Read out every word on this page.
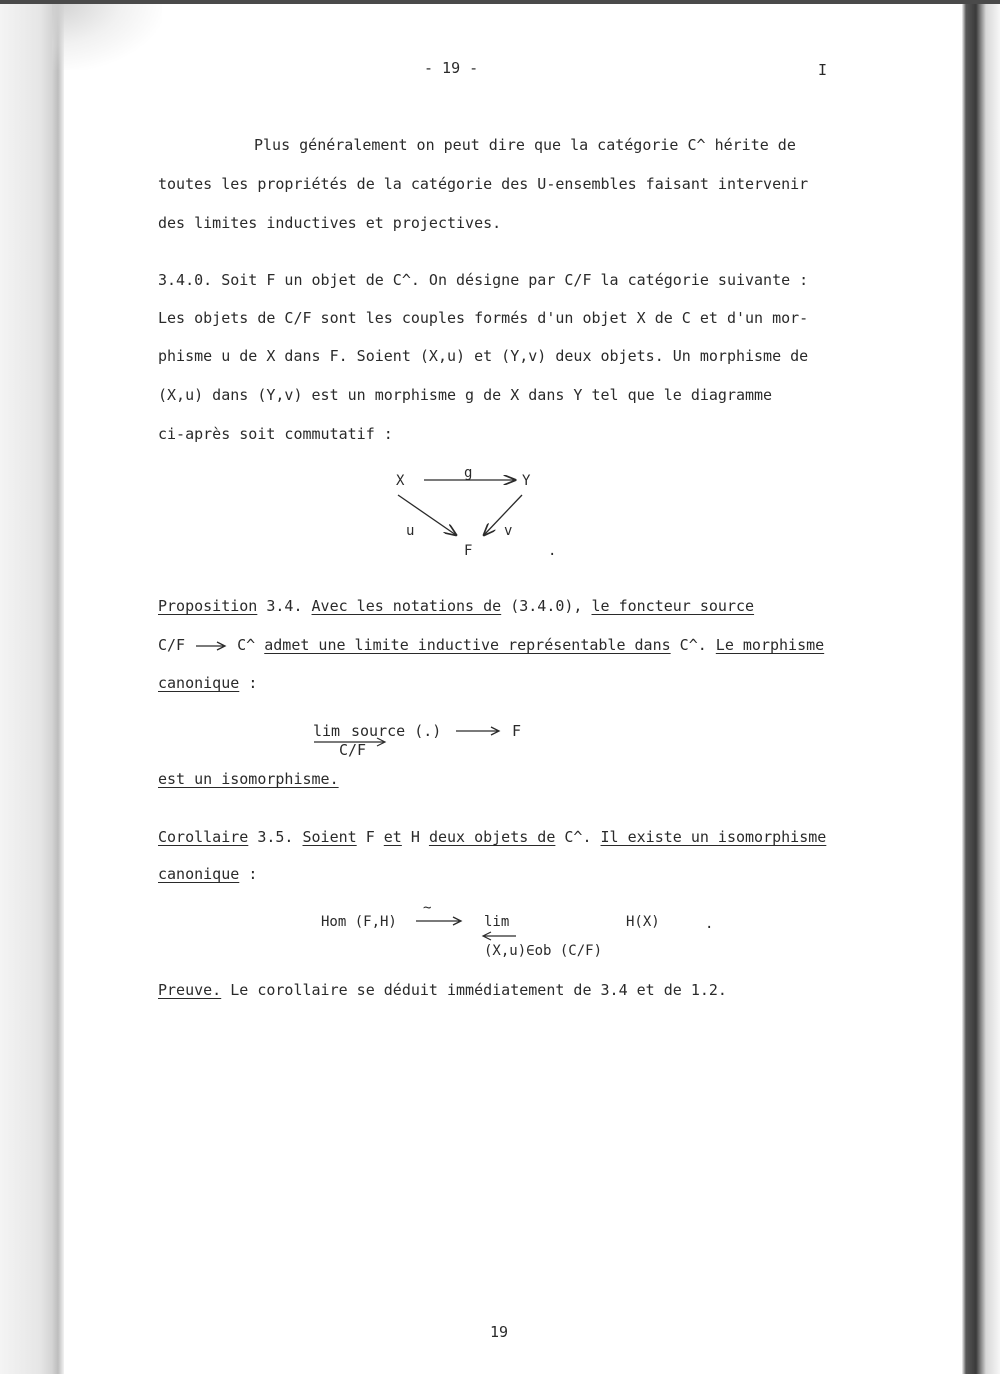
- 19 -	I
Plus généralement on peut dire que la catégorie C^ hérite de
toutes les propriétés de la catégorie des U-ensembles faisant intervenir
des limites inductives et projectives.
3.4.0. Soit F un objet de C^. On désigne par C/F la catégorie suivante :
Les objets de C/F sont les couples formés d'un objet X de C et d'un mor-
phisme u de X dans F. Soient (X,u) et (Y,v) deux objets. Un morphisme de
(X,u) dans (Y,v) est un morphisme g de X dans Y tel que le diagramme
ci-après soit commutatif :
X	Y
F
g
u	v
.
Proposition 3.4. Avec les notations de (3.4.0), le foncteur source
C/F	C^ admet une limite inductive représentable dans C^. Le morphisme
canonique :
lim source (.)
C/F
F
est un isomorphisme.
Corollaire 3.5. Soient F et H deux objets de C^. Il existe un isomorphisme
canonique :
Hom (F,H)
~
lim
(X,u)∈ob (C/F)
H(X)	.
Preuve. Le corollaire se déduit immédiatement de 3.4 et de 1.2.
19
